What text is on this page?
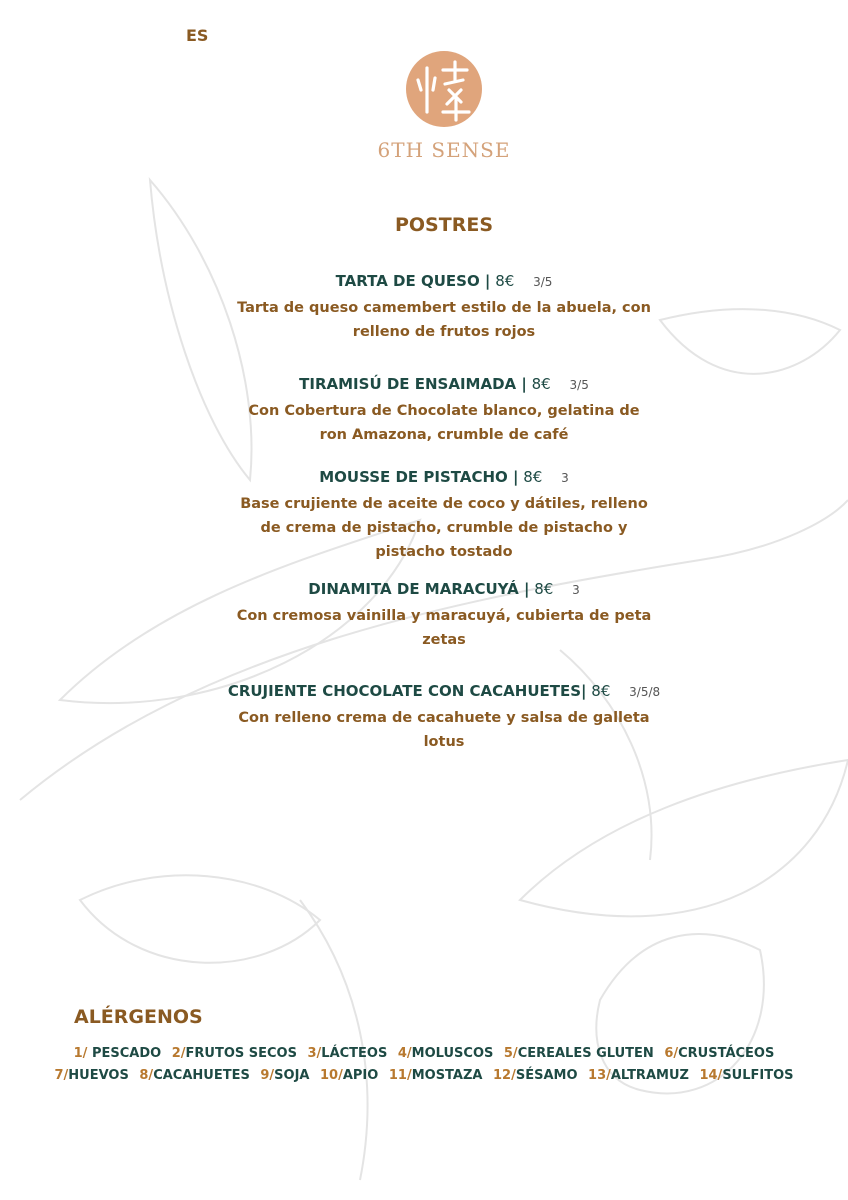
ES
6TH SENSE
POSTRES
TARTA DE QUESO | 8€ 3/5
Tarta de queso camembert estilo de la abuela, con relleno de frutos rojos
TIRAMISÚ DE ENSAIMADA | 8€ 3/5
Con Cobertura de Chocolate blanco, gelatina de ron Amazona, crumble de café
MOUSSE DE PISTACHO | 8€ 3
Base crujiente de aceite de coco y dátiles, relleno de crema de pistacho, crumble de pistacho y pistacho tostado
DINAMITA DE MARACUYÁ | 8€ 3
Con cremosa vainilla y maracuyá, cubierta de peta zetas
CRUJIENTE CHOCOLATE CON CACAHUETES| 8€ 3/5/8
Con relleno crema de cacahuete y salsa de galleta lotus
ALÉRGENOS
1/ PESCADO 2/FRUTOS SECOS 3/LÁCTEOS 4/MOLUSCOS 5/CEREALES GLUTEN 6/CRUSTÁCEOS
7/HUEVOS 8/CACAHUETES 9/SOJA 10/APIO 11/MOSTAZA 12/SÉSAMO 13/ALTRAMUZ 14/SULFITOS
